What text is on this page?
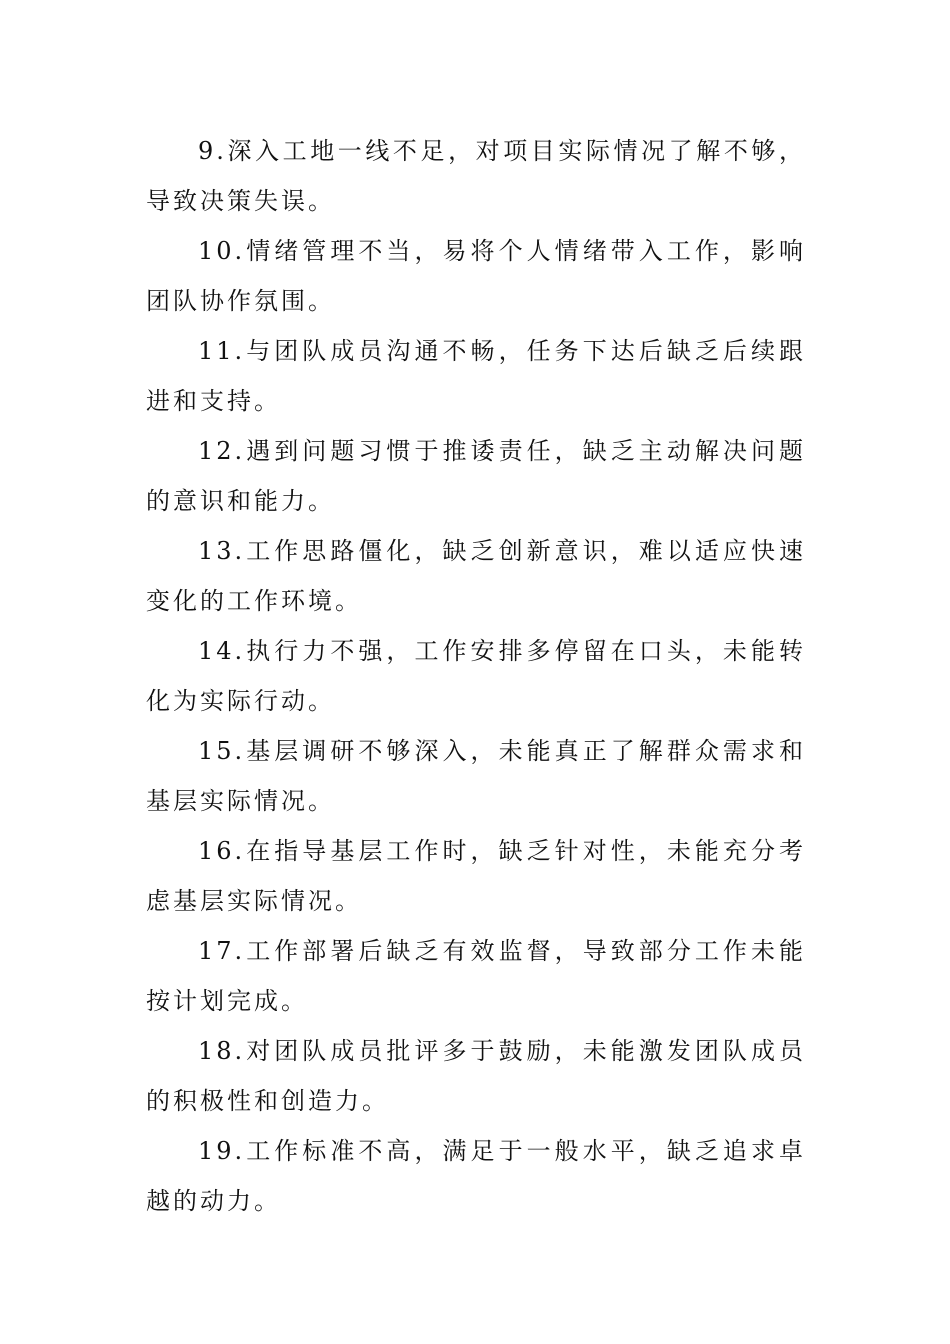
9.深入工地一线不足，对项目实际情况了解不够，导致决策失误。

10.情绪管理不当，易将个人情绪带入工作，影响团队协作氛围。

11.与团队成员沟通不畅，任务下达后缺乏后续跟进和支持。

12.遇到问题习惯于推诿责任，缺乏主动解决问题的意识和能力。

13.工作思路僵化，缺乏创新意识，难以适应快速变化的工作环境。

14.执行力不强，工作安排多停留在口头，未能转化为实际行动。

15.基层调研不够深入，未能真正了解群众需求和基层实际情况。

16.在指导基层工作时，缺乏针对性，未能充分考虑基层实际情况。

17.工作部署后缺乏有效监督，导致部分工作未能按计划完成。

18.对团队成员批评多于鼓励，未能激发团队成员的积极性和创造力。

19.工作标准不高，满足于一般水平，缺乏追求卓越的动力。
